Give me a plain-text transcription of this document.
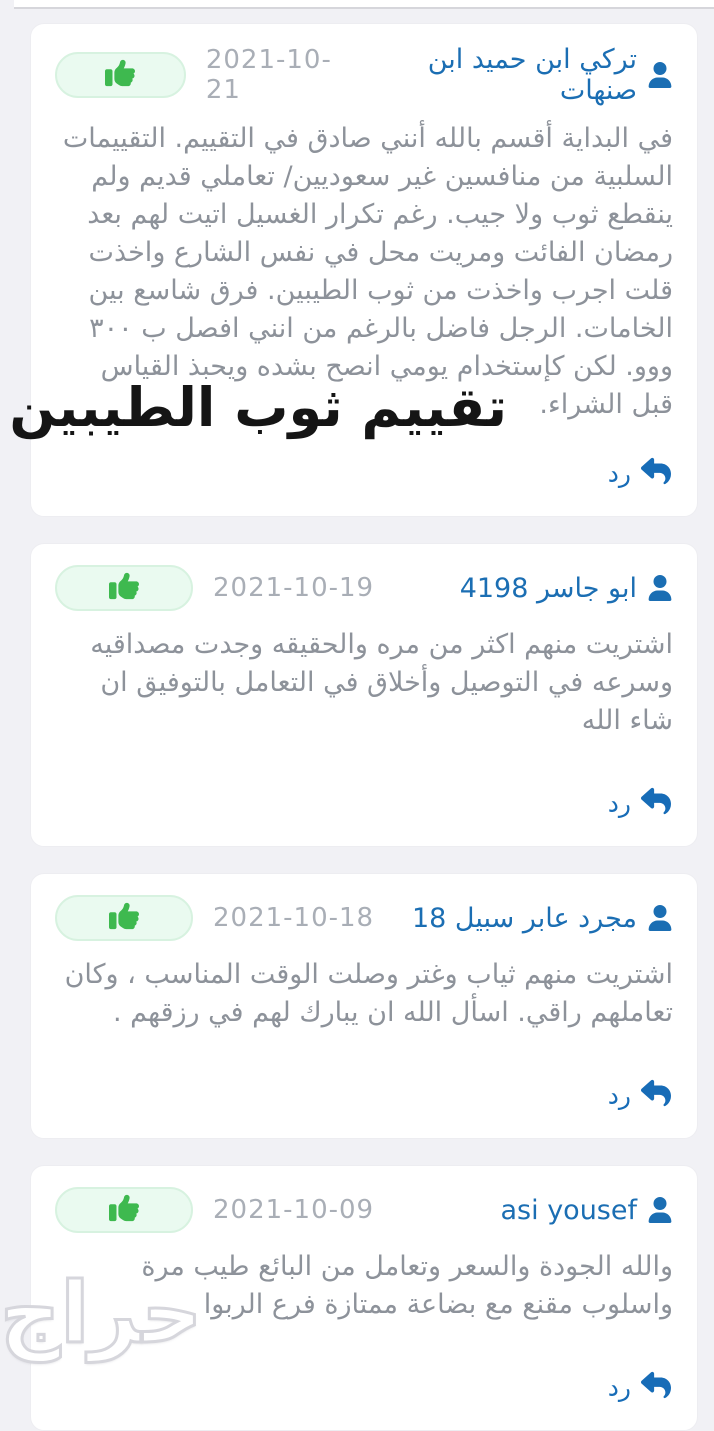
تركي ابن حميد ابن صنهات
2021-10-21
في البداية أقسم بالله أنني صادق في التقييم. التقييمات السلبية من منافسين غير سعوديين/ تعاملي قديم ولم ينقطع ثوب ولا جيب. رغم تكرار الغسيل اتيت لهم بعد رمضان الفائت ومريت محل في نفس الشارع واخذت قلت اجرب واخذت من ثوب الطيبين. فرق شاسع بين الخامات. الرجل فاضل بالرغم من انني افصل ب ٣٠٠ ووو. لكن كإستخدام يومي انصح بشده ويحبذ القياس قبل الشراء.
رد
تقييم ثوب الطيبين
ابو جاسر 4198
2021-10-19
اشتريت منهم اكثر من مره والحقيقه وجدت مصداقيه وسرعه في التوصيل وأخلاق في التعامل بالتوفيق ان شاء الله
رد
مجرد عابر سبيل 18
2021-10-18
اشتريت منهم ثياب وغتر وصلت الوقت المناسب ، وكان تعاملهم راقي. اسأل الله ان يبارك لهم في رزقهم .
رد
asi yousef
2021-10-09
والله الجودة والسعر وتعامل من البائع طيب مرة واسلوب مقنع مع بضاعة ممتازة فرع الربوا
رد
حراج
